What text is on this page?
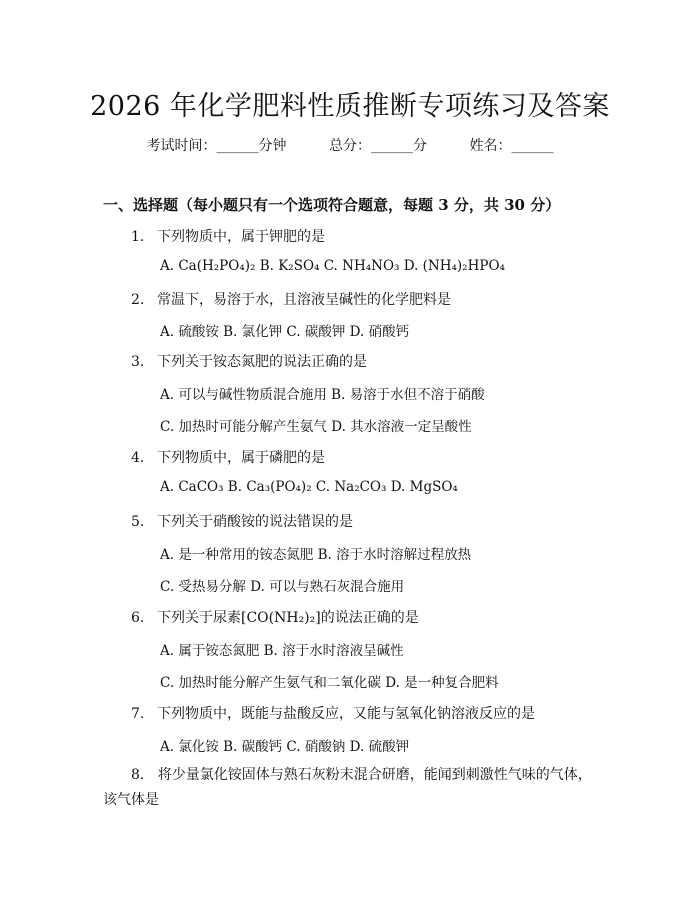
2026 年化学肥料性质推断专项练习及答案
考试时间：______分钟	总分：______分	姓名：______
一、选择题（每小题只有一个选项符合题意，每题 3 分，共 30 分）
1. 下列物质中，属于钾肥的是
A. Ca(H₂PO₄)₂ B. K₂SO₄ C. NH₄NO₃ D. (NH₄)₂HPO₄
2. 常温下，易溶于水，且溶液呈碱性的化学肥料是
A. 硫酸铵 B. 氯化钾 C. 碳酸钾 D. 硝酸钙
3. 下列关于铵态氮肥的说法正确的是
A. 可以与碱性物质混合施用 B. 易溶于水但不溶于硝酸
C. 加热时可能分解产生氨气 D. 其水溶液一定呈酸性
4. 下列物质中，属于磷肥的是
A. CaCO₃ B. Ca₃(PO₄)₂ C. Na₂CO₃ D. MgSO₄
5. 下列关于硝酸铵的说法错误的是
A. 是一种常用的铵态氮肥 B. 溶于水时溶解过程放热
C. 受热易分解 D. 可以与熟石灰混合施用
6. 下列关于尿素[CO(NH₂)₂]的说法正确的是
A. 属于铵态氮肥 B. 溶于水时溶液呈碱性
C. 加热时能分解产生氨气和二氧化碳 D. 是一种复合肥料
7. 下列物质中，既能与盐酸反应，又能与氢氧化钠溶液反应的是
A. 氯化铵 B. 碳酸钙 C. 硝酸钠 D. 硫酸钾
8. 将少量氯化铵固体与熟石灰粉末混合研磨，能闻到刺激性气味的气体，该气体是
